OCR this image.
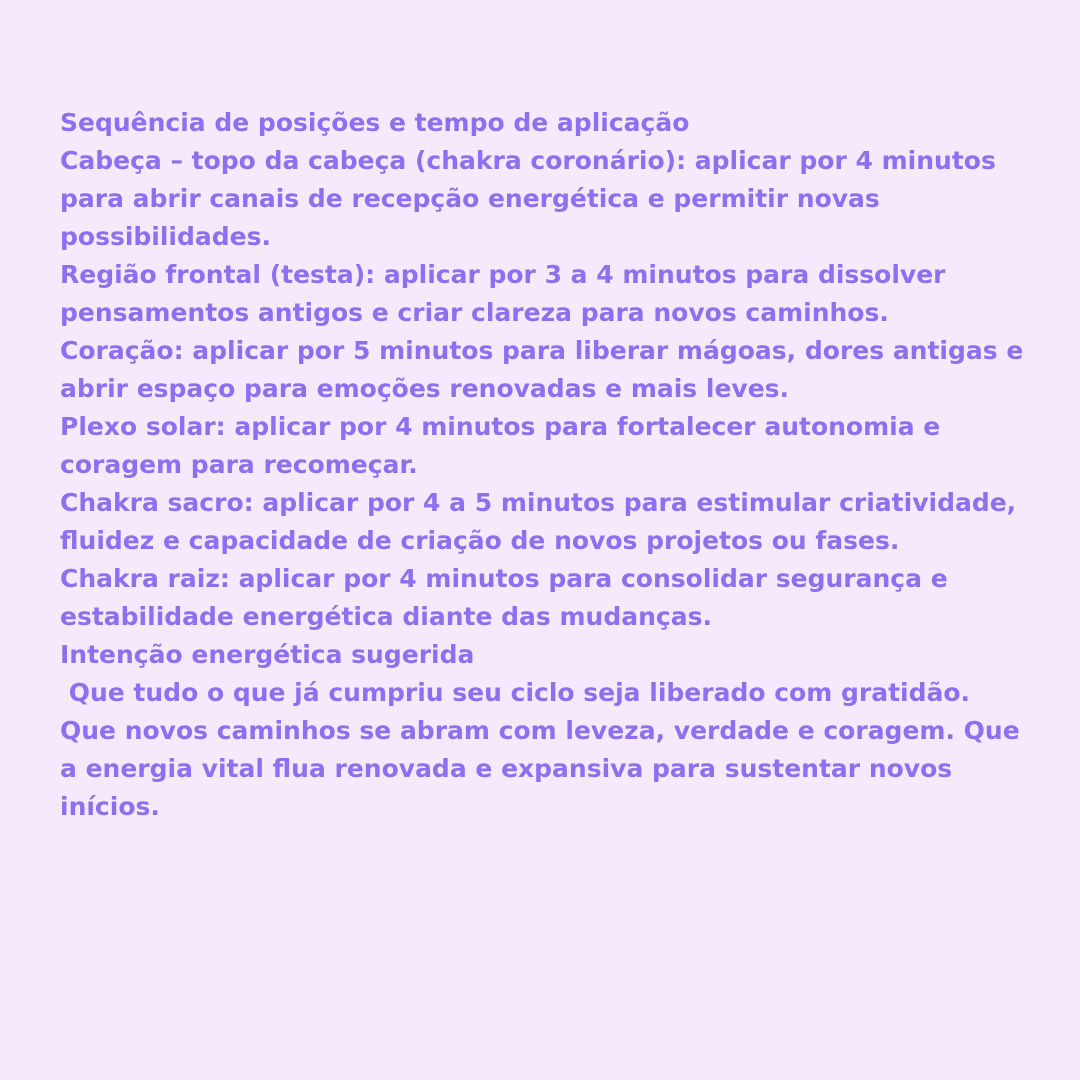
Sequência de posições e tempo de aplicação

Cabeça – topo da cabeça (chakra coronário): aplicar por 4 minutos para abrir canais de recepção energética e permitir novas possibilidades.

Região frontal (testa): aplicar por 3 a 4 minutos para dissolver pensamentos antigos e criar clareza para novos caminhos.

Coração: aplicar por 5 minutos para liberar mágoas, dores antigas e abrir espaço para emoções renovadas e mais leves.

Plexo solar: aplicar por 4 minutos para fortalecer autonomia e coragem para recomeçar.

Chakra sacro: aplicar por 4 a 5 minutos para estimular criatividade, fluidez e capacidade de criação de novos projetos ou fases.

Chakra raiz: aplicar por 4 minutos para consolidar segurança e estabilidade energética diante das mudanças.

Intenção energética sugerida

Que tudo o que já cumpriu seu ciclo seja liberado com gratidão. Que novos caminhos se abram com leveza, verdade e coragem. Que a energia vital flua renovada e expansiva para sustentar novos inícios.
